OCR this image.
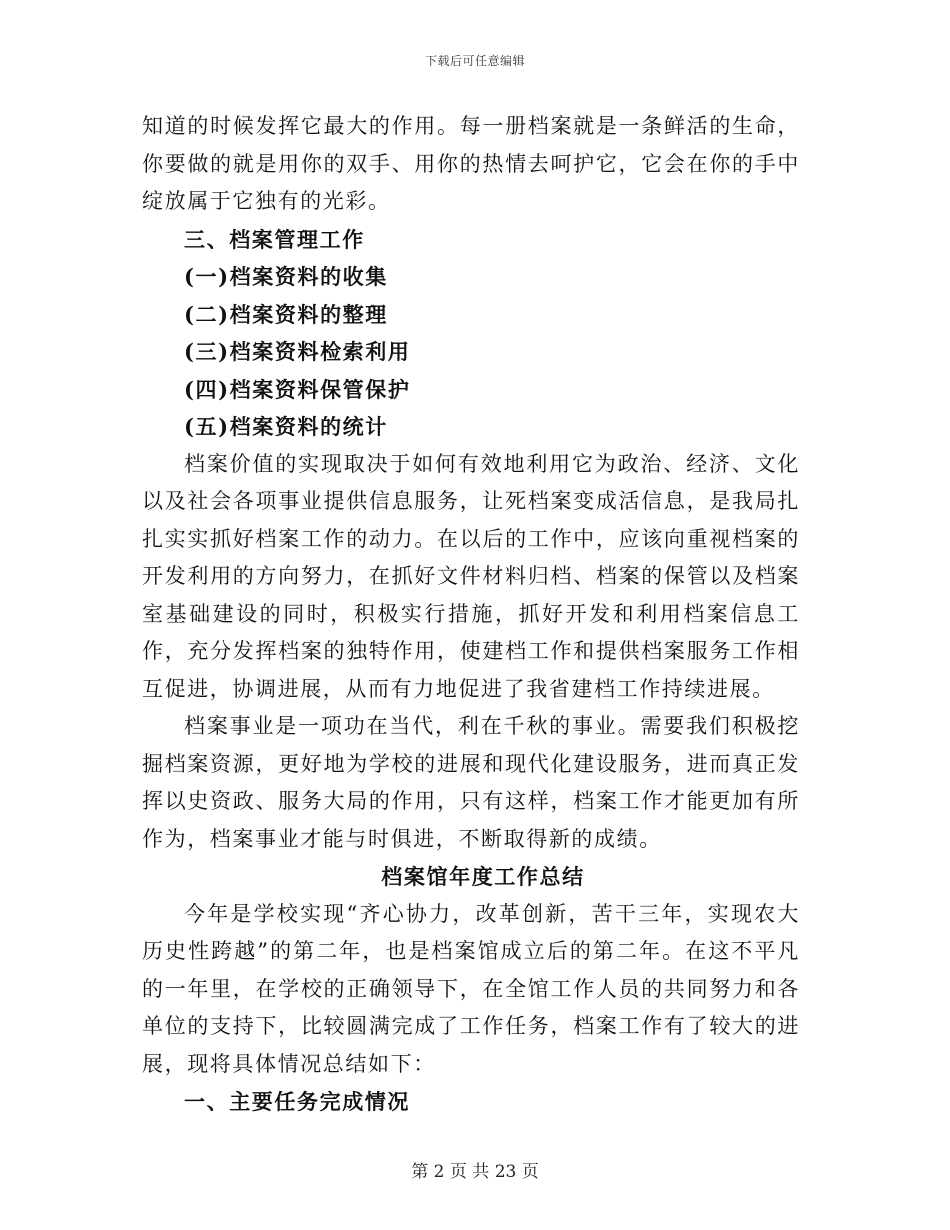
下载后可任意编辑

知道的时候发挥它最大的作用。每一册档案就是一条鲜活的生命，你要做的就是用你的双手、用你的热情去呵护它，它会在你的手中绽放属于它独有的光彩。

三、档案管理工作
(一)档案资料的收集
(二)档案资料的整理
(三)档案资料检索利用
(四)档案资料保管保护
(五)档案资料的统计

档案价值的实现取决于如何有效地利用它为政治、经济、文化以及社会各项事业提供信息服务，让死档案变成活信息，是我局扎扎实实抓好档案工作的动力。在以后的工作中，应该向重视档案的开发利用的方向努力，在抓好文件材料归档、档案的保管以及档案室基础建设的同时，积极实行措施，抓好开发和利用档案信息工作，充分发挥档案的独特作用，使建档工作和提供档案服务工作相互促进，协调进展，从而有力地促进了我省建档工作持续进展。

档案事业是一项功在当代，利在千秋的事业。需要我们积极挖掘档案资源，更好地为学校的进展和现代化建设服务，进而真正发挥以史资政、服务大局的作用，只有这样，档案工作才能更加有所作为，档案事业才能与时俱进，不断取得新的成绩。

档案馆年度工作总结

今年是学校实现“齐心协力，改革创新，苦干三年，实现农大历史性跨越”的第二年，也是档案馆成立后的第二年。在这不平凡的一年里，在学校的正确领导下，在全馆工作人员的共同努力和各单位的支持下，比较圆满完成了工作任务，档案工作有了较大的进展，现将具体情况总结如下：

一、主要任务完成情况
第 2 页 共 23 页
